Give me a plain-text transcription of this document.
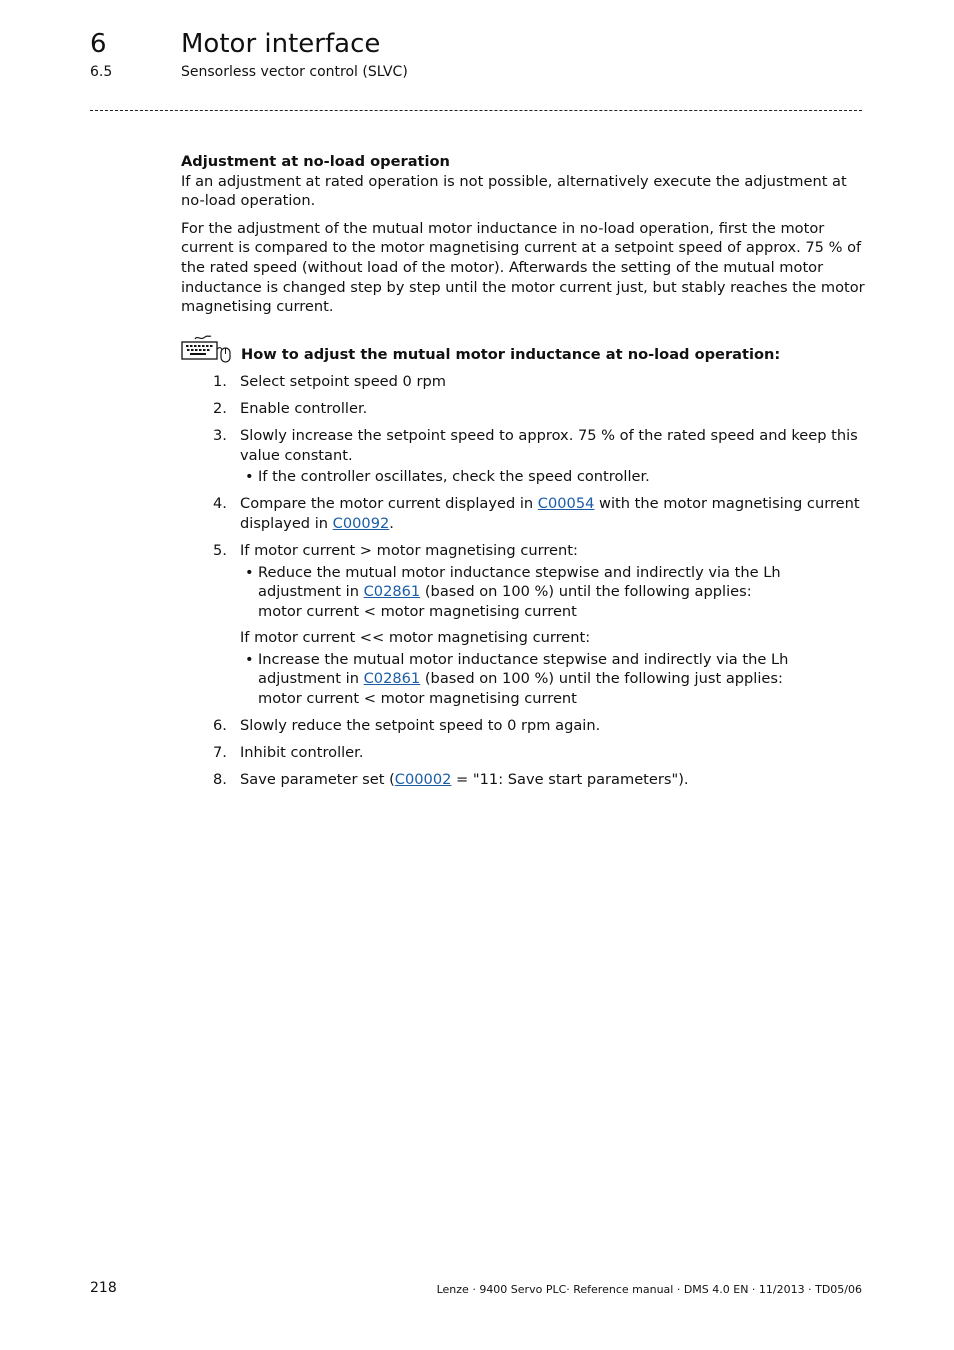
6	Motor interface
6.5	Sensorless vector control (SLVC)

Adjustment at no-load operation

If an adjustment at rated operation is not possible, alternatively execute the adjustment at no-load operation.

For the adjustment of the mutual motor inductance in no-load operation, first the motor current is compared to the motor magnetising current at a setpoint speed of approx. 75 % of the rated speed (without load of the motor). Afterwards the setting of the mutual motor inductance is changed step by step until the motor current just, but stably reaches the motor magnetising current.

How to adjust the mutual motor inductance at no-load operation:
1. Select setpoint speed 0 rpm
2. Enable controller.
3. Slowly increase the setpoint speed to approx. 75 % of the rated speed and keep this value constant.
• If the controller oscillates, check the speed controller.
4. Compare the motor current displayed in C00054 with the motor magnetising current displayed in C00092.
5. If motor current > motor magnetising current:
• Reduce the mutual motor inductance stepwise and indirectly via the Lh adjustment in C02861 (based on 100 %) until the following applies:
motor current < motor magnetising current
If motor current << motor magnetising current:
• Increase the mutual motor inductance stepwise and indirectly via the Lh adjustment in C02861 (based on 100 %) until the following just applies:
motor current < motor magnetising current
6. Slowly reduce the setpoint speed to 0 rpm again.
7. Inhibit controller.
8. Save parameter set (C00002 = "11: Save start parameters").
218	Lenze · 9400 Servo PLC· Reference manual · DMS 4.0 EN · 11/2013 · TD05/06
